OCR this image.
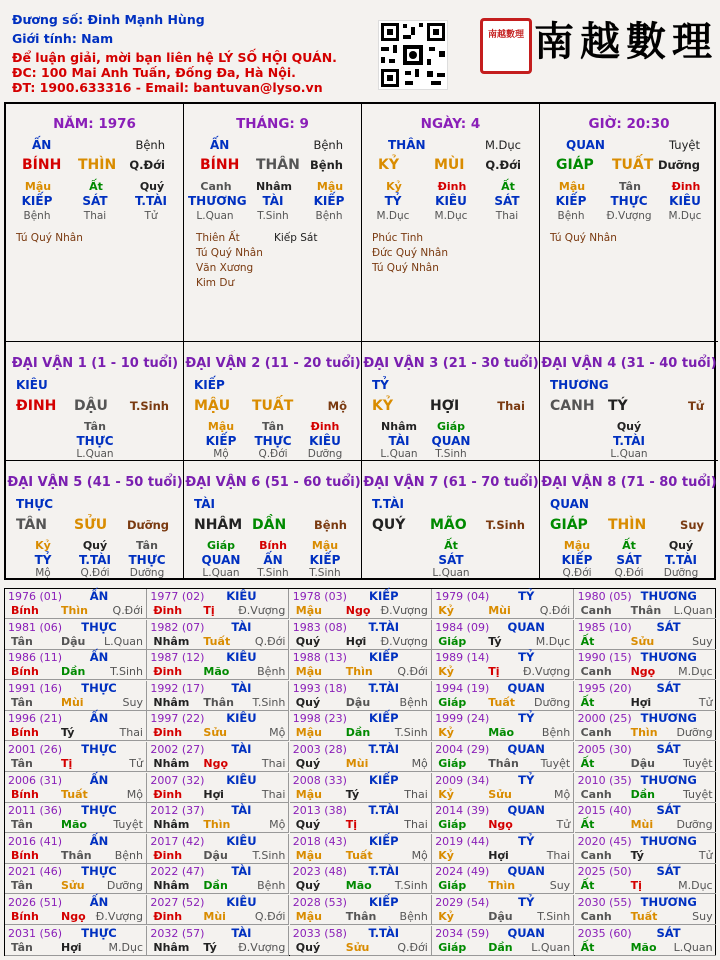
Đương số: Đinh Mạnh Hùng
Giới tính: Nam
Để luận giải, mời bạn liên hệ LÝ SỐ HỘI QUÁN.
ĐC: 100 Mai Anh Tuấn, Đống Đa, Hà Nội.
ĐT: 1900.633316 - Email: bantuvan@lyso.vn
南越數理 南越數理
NĂM: 1976
ẤN	Bệnh
BÍNH THÌN Q.Đới
Mậu
KIẾP
Bệnh
Ất
SÁT
Thai
Quý
T.TÀI
Tử
Tú Quý Nhân
THÁNG: 9
ẤN	Bệnh
BÍNH THÂN Bệnh
Canh
THƯƠNG
L.Quan
Nhâm
TÀI
T.Sinh
Mậu
KIẾP
Bệnh
Thiên Ất	Kiếp Sát
Tú Quý Nhân
Văn Xương
Kim Dư
NGÀY: 4
THÂN	M.Dục
KỶ	MÙI Q.Đới
Kỷ
TỶ
M.Dục
Đinh
KIÊU
M.Dục
Ất
SÁT
Thai
Phúc Tinh
Đức Quý Nhân
Tú Quý Nhân
GIỜ: 20:30
QUAN	Tuyệt
GIÁP TUẤT Dưỡng
Mậu
KIẾP
Bệnh
Tân
THỰC
Đ.Vượng
Đinh
KIÊU
M.Dục
Tú Quý Nhân
ĐẠI VẬN 1 (1 - 10 tuổi)
KIÊU
ĐINH DẬU T.Sinh
Tân
THỰC
L.Quan
ĐẠI VẬN 2 (11 - 20 tuổi)
KIẾP
MẬU TUẤT	Mộ
Mậu
KIẾP
Mộ
Tân
THỰC
Q.Đới
Đinh
KIÊU
Dưỡng
ĐẠI VẬN 3 (21 - 30 tuổi)
TỶ
KỶ	HỢI	Thai
Nhâm
TÀI
L.Quan
Giáp
QUAN
T.Sinh
ĐẠI VẬN 4 (31 - 40 tuổi)
THƯƠNG
CANH TÝ	Tử
Quý
T.TÀI
L.Quan
ĐẠI VẬN 5 (41 - 50 tuổi)
THỰC
TÂN SỬU Dưỡng
Kỷ
TỶ
Mộ
Quý
T.TÀI
Q.Đới
Tân
THỰC
Dưỡng
ĐẠI VẬN 6 (51 - 60 tuổi)
TÀI
NHÂM DẦN Bệnh
Giáp
QUAN
L.Quan
Bính
ẤN
T.Sinh
Mậu
KIẾP
T.Sinh
ĐẠI VẬN 7 (61 - 70 tuổi)
T.TÀI
QUÝ MÃO T.Sinh
Ất
SÁT
L.Quan
ĐẠI VẬN 8 (71 - 80 tuổi)
QUAN
GIÁP THÌN	Suy
Mậu
KIẾP
Q.Đới
Ất
SÁT
Q.Đới
Quý
T.TÀI
Dưỡng
1976 (01)	ẤN
Bính Thìn Q.Đới
1977 (02)	KIÊU
Đinh Tị Đ.Vượng
1978 (03)	KIẾP
Mậu Ngọ Đ.Vượng
1979 (04)	TỶ
Kỷ	Mùi	Q.Đới
1980 (05) THƯƠNG
Canh Thân L.Quan
1981 (06)	THỰC
Tân	Dậu L.Quan
1982 (07)	TÀI
Nhâm Tuất Q.Đới
1983 (08)	T.TÀI
Quý Hợi Đ.Vượng
1984 (09)	QUAN
Giáp Tý	M.Dục
1985 (10)	SÁT
Ất	Sửu	Suy
1986 (11)	ẤN
Bính Dần T.Sinh
1987 (12)	KIÊU
Đinh Mão	Bệnh
1988 (13)	KIẾP
Mậu Thìn Q.Đới
1989 (14)	TỶ
Kỷ	Tị Đ.Vượng
1990 (15) THƯƠNG
Canh Ngọ M.Dục
1991 (16)	THỰC
Tân	Mùi	Suy
1992 (17)	TÀI
Nhâm Thân T.Sinh
1993 (18)	T.TÀI
Quý Dậu	Bệnh
1994 (19)	QUAN
Giáp Tuất Dưỡng
1995 (20)	SÁT
Ất	Hợi	Tử
1996 (21)	ẤN
Bính Tý	Thai
1997 (22)	KIÊU
Đinh Sửu	Mộ
1998 (23)	KIẾP
Mậu Dần T.Sinh
1999 (24)	TỶ
Kỷ	Mão	Bệnh
2000 (25) THƯƠNG
Canh Thìn Dưỡng
2001 (26)	THỰC
Tân	Tị	Tử
2002 (27)	TÀI
Nhâm Ngọ	Thai
2003 (28)	T.TÀI
Quý Mùi	Mộ
2004 (29)	QUAN
Giáp Thân Tuyệt
2005 (30)	SÁT
Ất	Dậu	Tuyệt
2006 (31)	ẤN
Bính Tuất	Mộ
2007 (32)	KIÊU
Đinh Hợi	Thai
2008 (33)	KIẾP
Mậu Tý	Thai
2009 (34)	TỶ
Kỷ	Sửu	Mộ
2010 (35) THƯƠNG
Canh Dần	Tuyệt
2011 (36)	THỰC
Tân	Mão Tuyệt
2012 (37)	TÀI
Nhâm Thìn	Mộ
2013 (38)	T.TÀI
Quý Tị	Thai
2014 (39)	QUAN
Giáp Ngọ	Tử
2015 (40)	SÁT
Ất	Mùi Dưỡng
2016 (41)	ẤN
Bính Thân Bệnh
2017 (42)	KIÊU
Đinh Dậu T.Sinh
2018 (43)	KIẾP
Mậu Tuất	Mộ
2019 (44)	TỶ
Kỷ	Hợi	Thai
2020 (45) THƯƠNG
Canh Tý	Tử
2021 (46)	THỰC
Tân	Sửu Dưỡng
2022 (47)	TÀI
Nhâm Dần	Bệnh
2023 (48)	T.TÀI
Quý Mão T.Sinh
2024 (49)	QUAN
Giáp Thìn	Suy
2025 (50)	SÁT
Ất	Tị	M.Dục
2026 (51)	ẤN
Bính Ngọ Đ.Vượng
2027 (52)	KIÊU
Đinh Mùi	Q.Đới
2028 (53)	KIẾP
Mậu Thân Bệnh
2029 (54)	TỶ
Kỷ	Dậu T.Sinh
2030 (55) THƯƠNG
Canh Tuất	Suy
2031 (56)	THỰC
Tân	Hợi M.Dục
2032 (57)	TÀI
Nhâm Tý Đ.Vượng
2033 (58)	T.TÀI
Quý Sửu	Q.Đới
2034 (59)	QUAN
Giáp Dần L.Quan
2035 (60)	SÁT
Ất	Mão L.Quan
